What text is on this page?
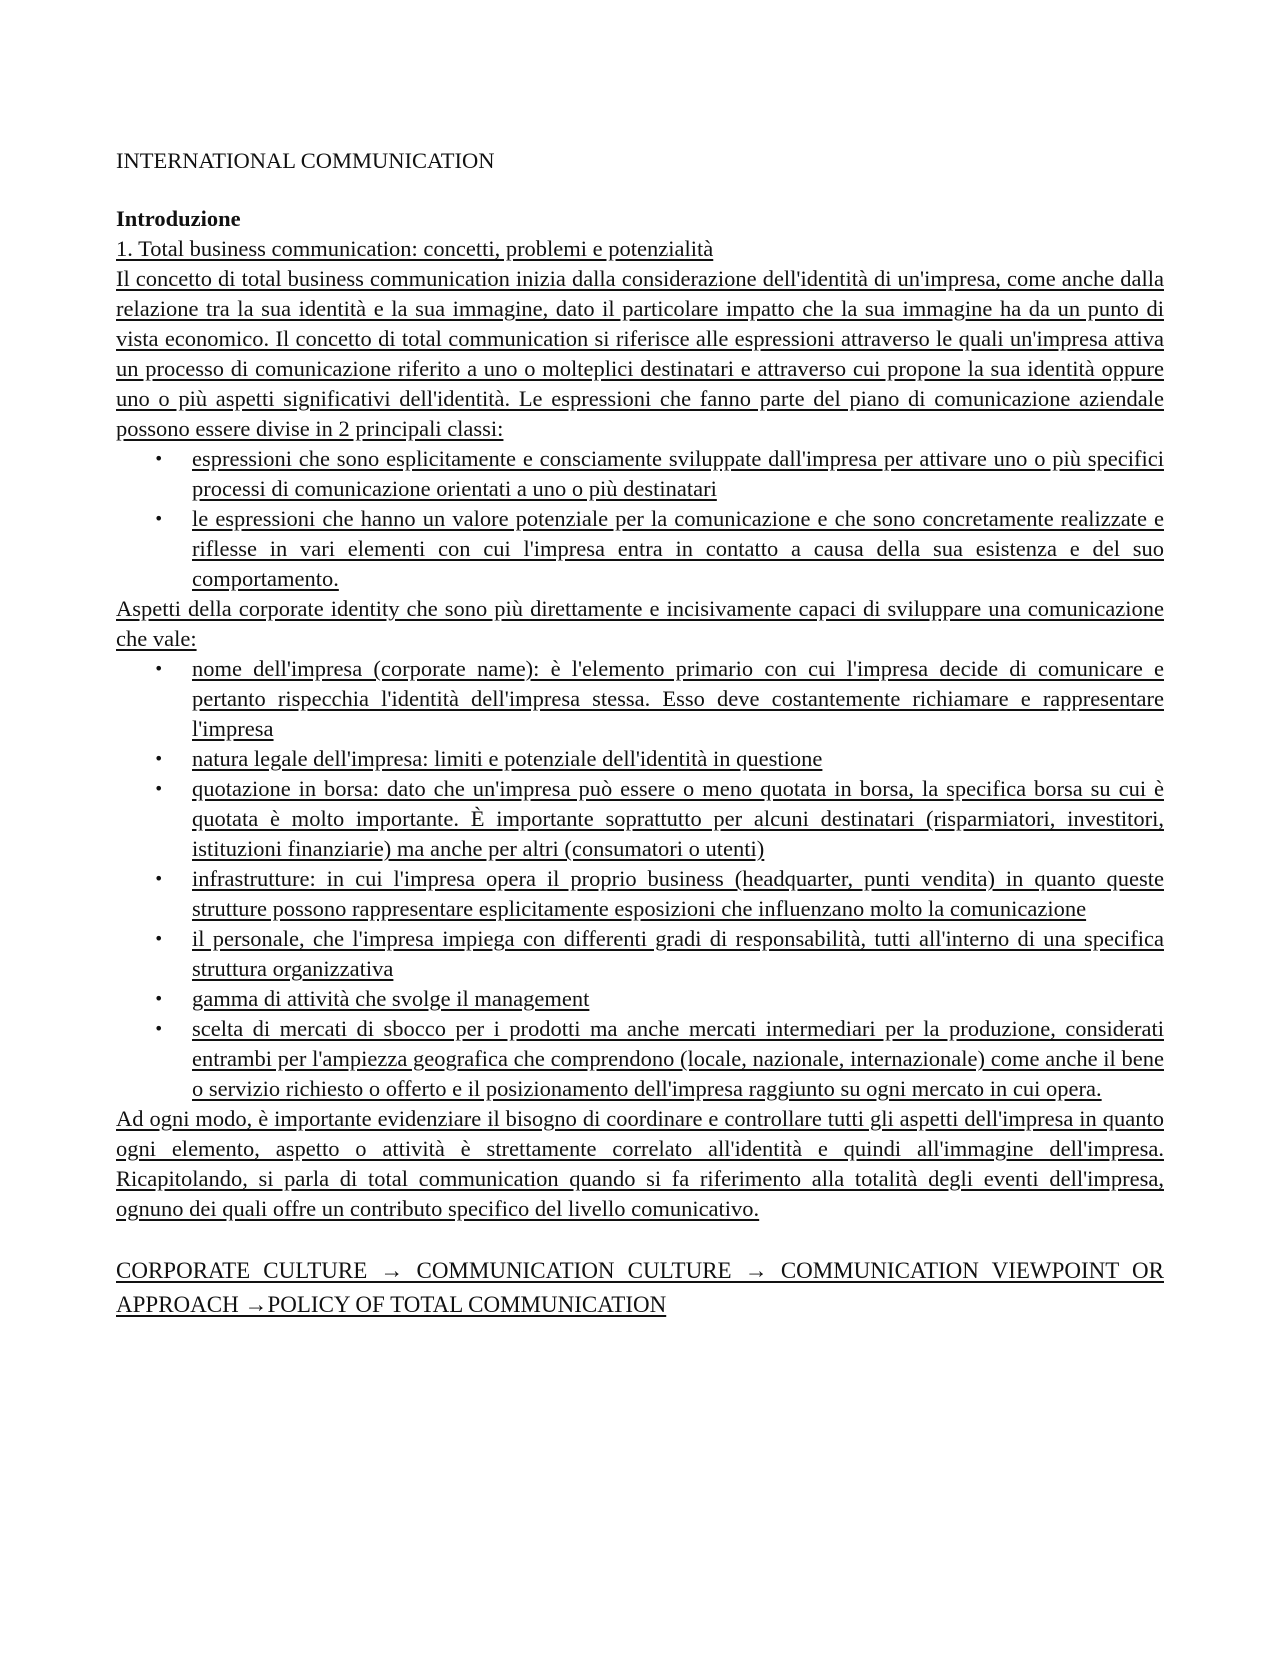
INTERNATIONAL COMMUNICATION
Introduzione
1. Total business communication: concetti, problemi e potenzialità

Il concetto di total business communication inizia dalla considerazione dell'identità di un'impresa, come anche dalla relazione tra la sua identità e la sua immagine, dato il particolare impatto che la sua immagine ha da un punto di vista economico. Il concetto di total communication si riferisce alle espressioni attraverso le quali un'impresa attiva un processo di comunicazione riferito a uno o molteplici destinatari e attraverso cui propone la sua identità oppure uno o più aspetti significativi dell'identità. Le espressioni che fanno parte del piano di comunicazione aziendale possono essere divise in 2 principali classi:

• espressioni che sono esplicitamente e consciamente sviluppate dall'impresa per attivare uno o più specifici processi di comunicazione orientati a uno o più destinatari
• le espressioni che hanno un valore potenziale per la comunicazione e che sono concretamente realizzate e riflesse in vari elementi con cui l'impresa entra in contatto a causa della sua esistenza e del suo comportamento.

Aspetti della corporate identity che sono più direttamente e incisivamente capaci di sviluppare una comunicazione che vale:

• nome dell'impresa (corporate name): è l'elemento primario con cui l'impresa decide di comunicare e pertanto rispecchia l'identità dell'impresa stessa. Esso deve costantemente richiamare e rappresentare l'impresa
• natura legale dell'impresa: limiti e potenziale dell'identità in questione
• quotazione in borsa: dato che un'impresa può essere o meno quotata in borsa, la specifica borsa su cui è quotata è molto importante. È importante soprattutto per alcuni destinatari (risparmiatori, investitori, istituzioni finanziarie) ma anche per altri (consumatori o utenti)
• infrastrutture: in cui l'impresa opera il proprio business (headquarter, punti vendita) in quanto queste strutture possono rappresentare esplicitamente esposizioni che influenzano molto la comunicazione
• il personale, che l'impresa impiega con differenti gradi di responsabilità, tutti all'interno di una specifica struttura organizzativa
• gamma di attività che svolge il management
• scelta di mercati di sbocco per i prodotti ma anche mercati intermediari per la produzione, considerati entrambi per l'ampiezza geografica che comprendono (locale, nazionale, internazionale) come anche il bene o servizio richiesto o offerto e il posizionamento dell'impresa raggiunto su ogni mercato in cui opera.

Ad ogni modo, è importante evidenziare il bisogno di coordinare e controllare tutti gli aspetti dell'impresa in quanto ogni elemento, aspetto o attività è strettamente correlato all'identità e quindi all'immagine dell'impresa. Ricapitolando, si parla di total communication quando si fa riferimento alla totalità degli eventi dell'impresa, ognuno dei quali offre un contributo specifico del livello comunicativo.

CORPORATE CULTURE → COMMUNICATION CULTURE → COMMUNICATION VIEWPOINT OR APPROACH →POLICY OF TOTAL COMMUNICATION
